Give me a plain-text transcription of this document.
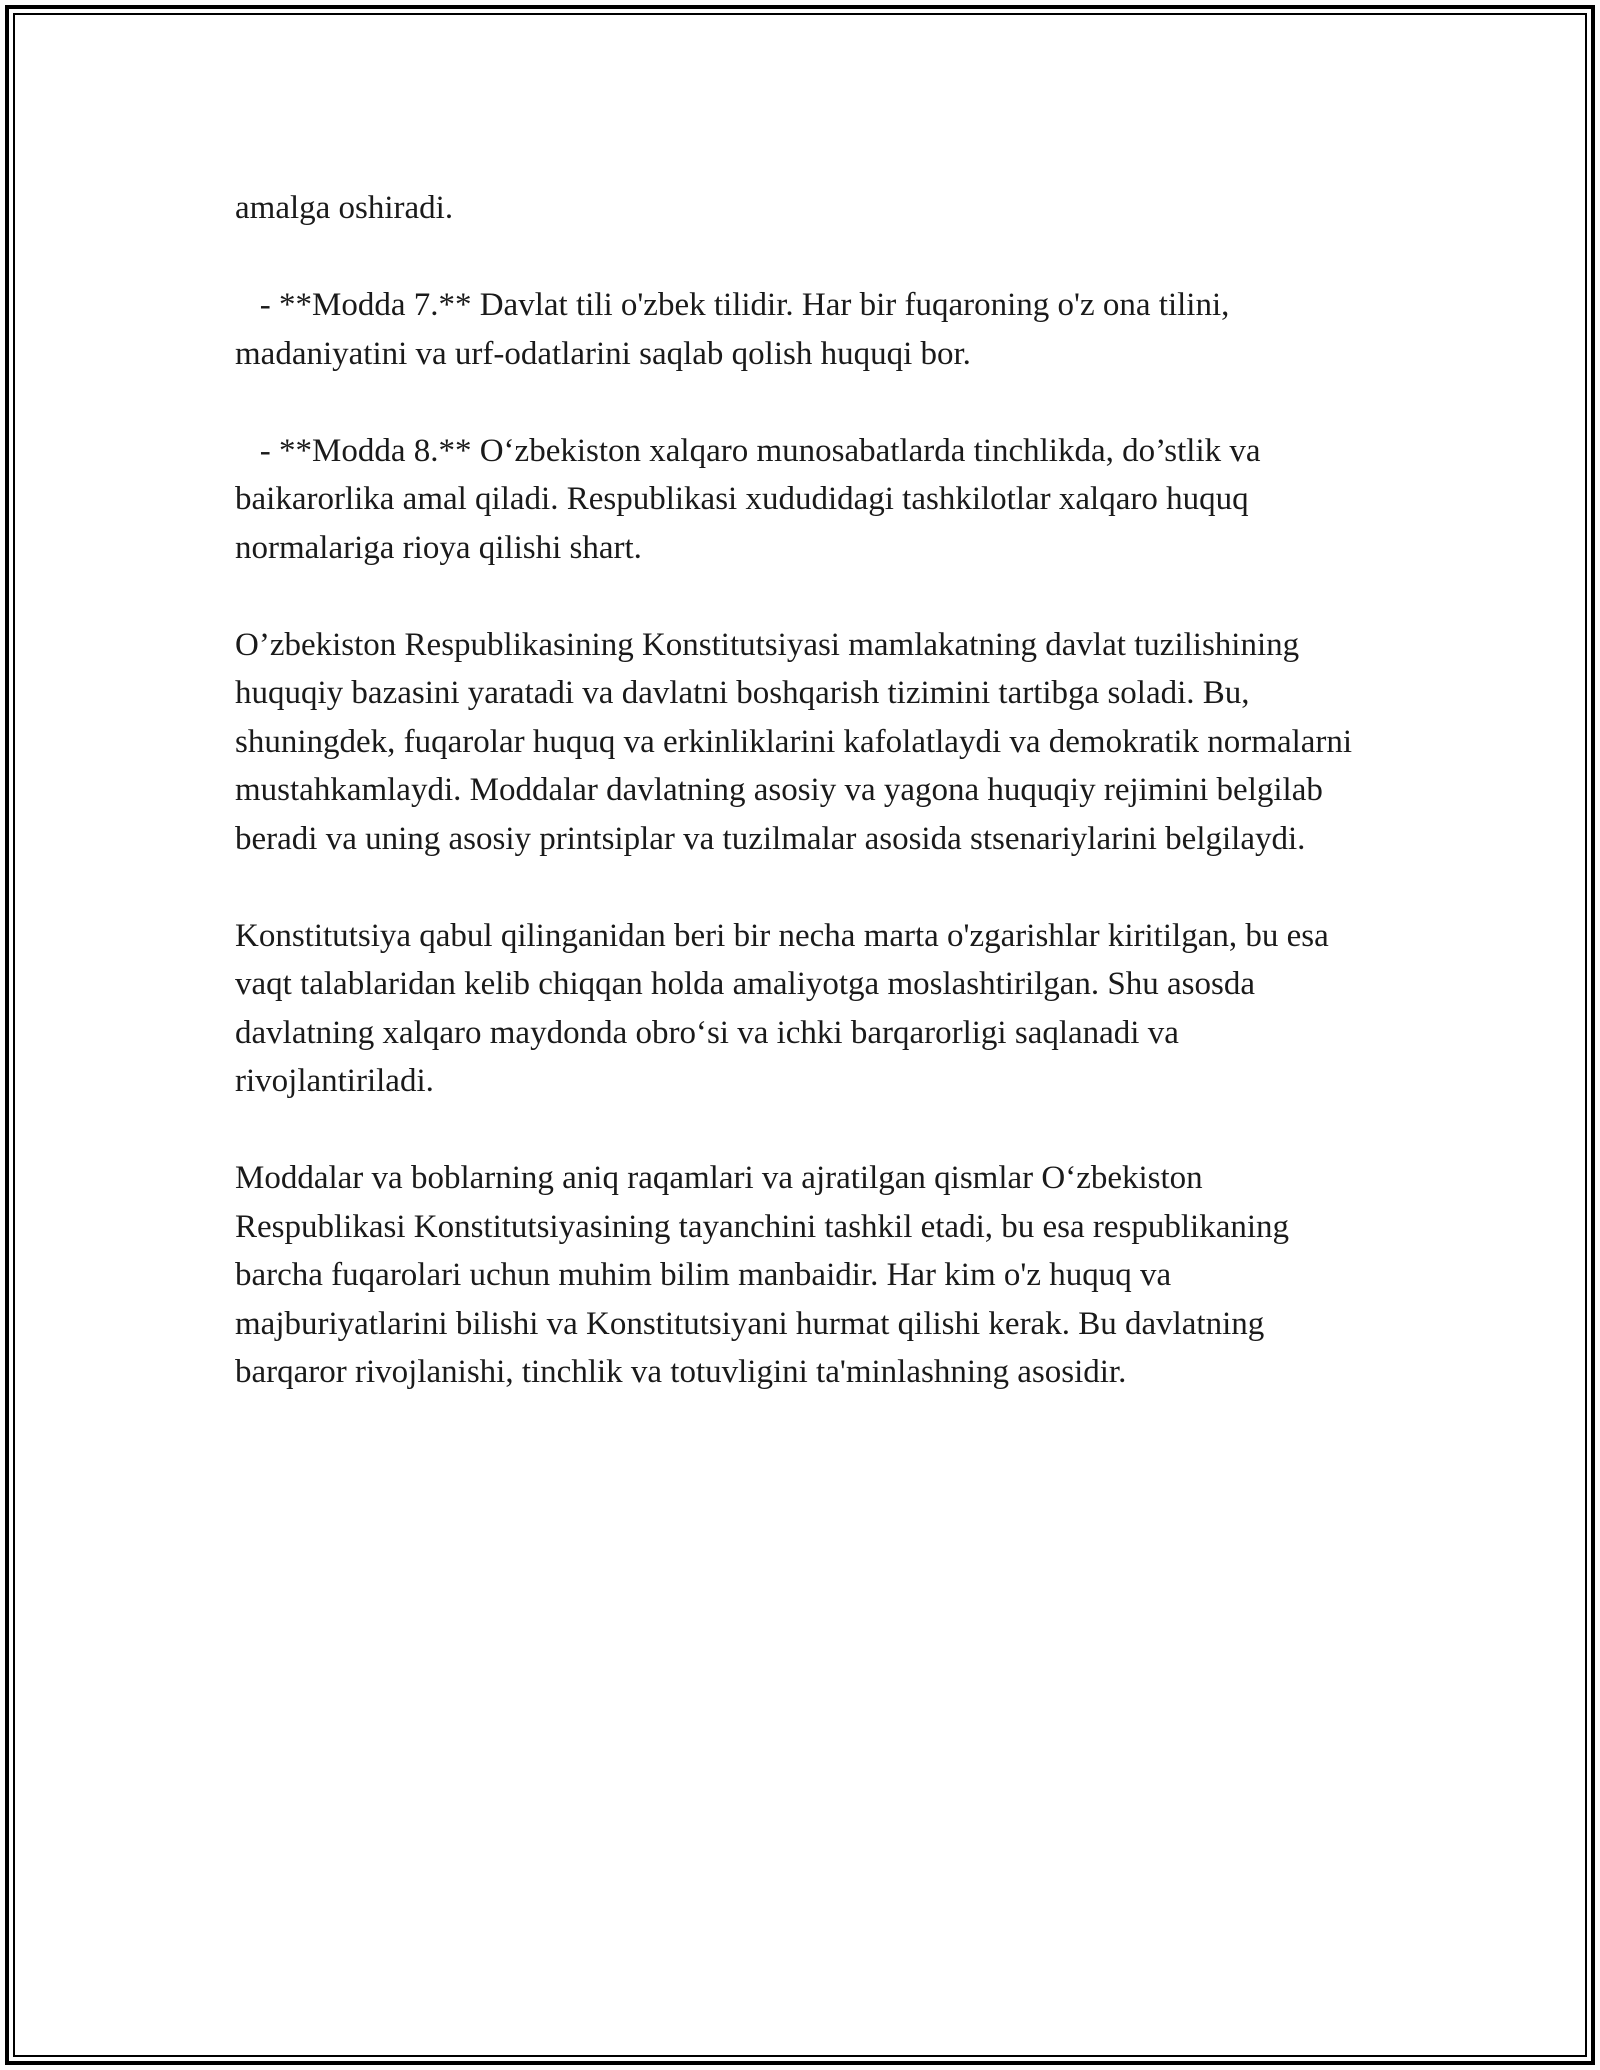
amalga oshiradi.

- **Modda 7.** Davlat tili o'zbek tilidir. Har bir fuqaroning o'z ona tilini, madaniyatini va urf-odatlarini saqlab qolish huquqi bor.

- **Modda 8.** O‘zbekiston xalqaro munosabatlarda tinchlikda, do’stlik va baikarorlika amal qiladi. Respublikasi xududidagi tashkilotlar xalqaro huquq normalariga rioya qilishi shart.

O’zbekiston Respublikasining Konstitutsiyasi mamlakatning davlat tuzilishining huquqiy bazasini yaratadi va davlatni boshqarish tizimini tartibga soladi. Bu, shuningdek, fuqarolar huquq va erkinliklarini kafolatlaydi va demokratik normalarni mustahkamlaydi. Moddalar davlatning asosiy va yagona huquqiy rejimini belgilab beradi va uning asosiy printsiplar va tuzilmalar asosida stsenariylarini belgilaydi.

Konstitutsiya qabul qilinganidan beri bir necha marta o'zgarishlar kiritilgan, bu esa vaqt talablaridan kelib chiqqan holda amaliyotga moslashtirilgan. Shu asosda davlatning xalqaro maydonda obro‘si va ichki barqarorligi saqlanadi va rivojlantiriladi.

Moddalar va boblarning aniq raqamlari va ajratilgan qismlar O‘zbekiston Respublikasi Konstitutsiyasining tayanchini tashkil etadi, bu esa respublikaning barcha fuqarolari uchun muhim bilim manbaidir. Har kim o'z huquq va majburiyatlarini bilishi va Konstitutsiyani hurmat qilishi kerak. Bu davlatning barqaror rivojlanishi, tinchlik va totuvligini ta'minlashning asosidir.
